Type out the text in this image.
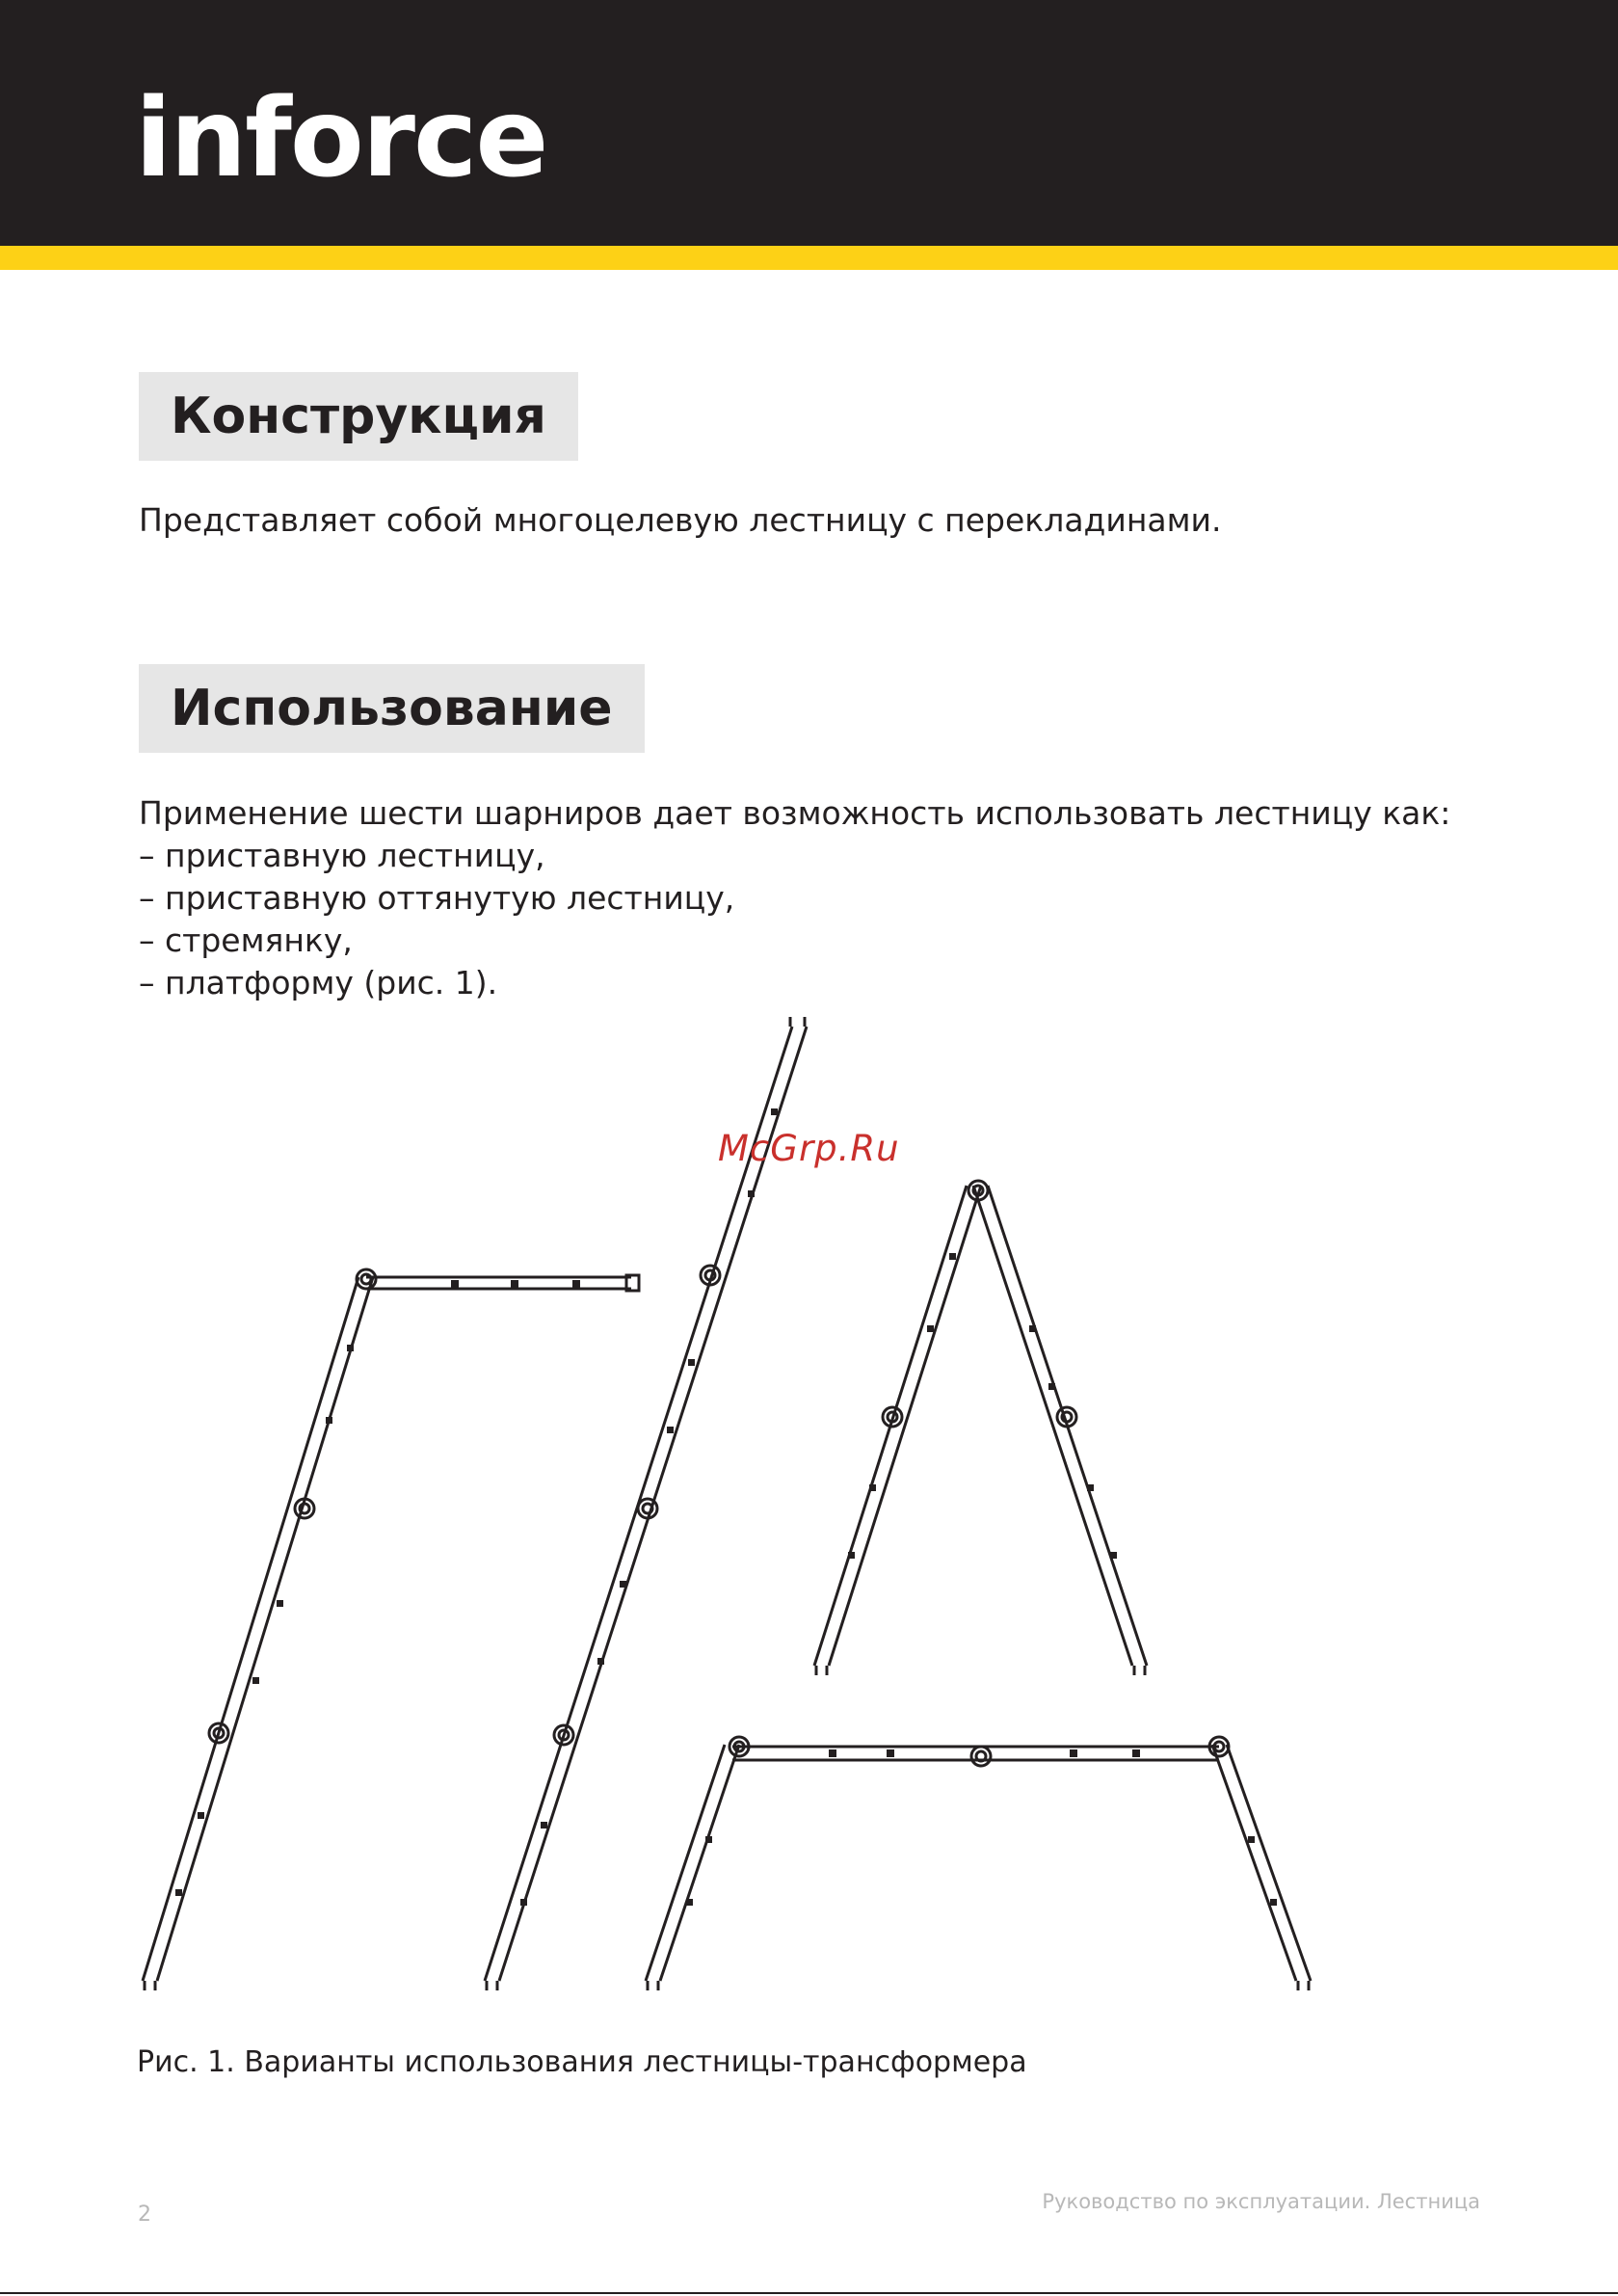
inforce
Конструкция

Представляет собой многоцелевую лестницу с перекладинами.

Использование

Применение шести шарниров дает возможность использовать лестницу как:

– приставную лестницу,
– приставную оттянутую лестницу,
– стремянку,
– платформу (рис. 1).

McGrp.Ru

Рис. 1. Варианты использования лестницы-трансформера

2
Руководство по эксплуатации. Лестница
